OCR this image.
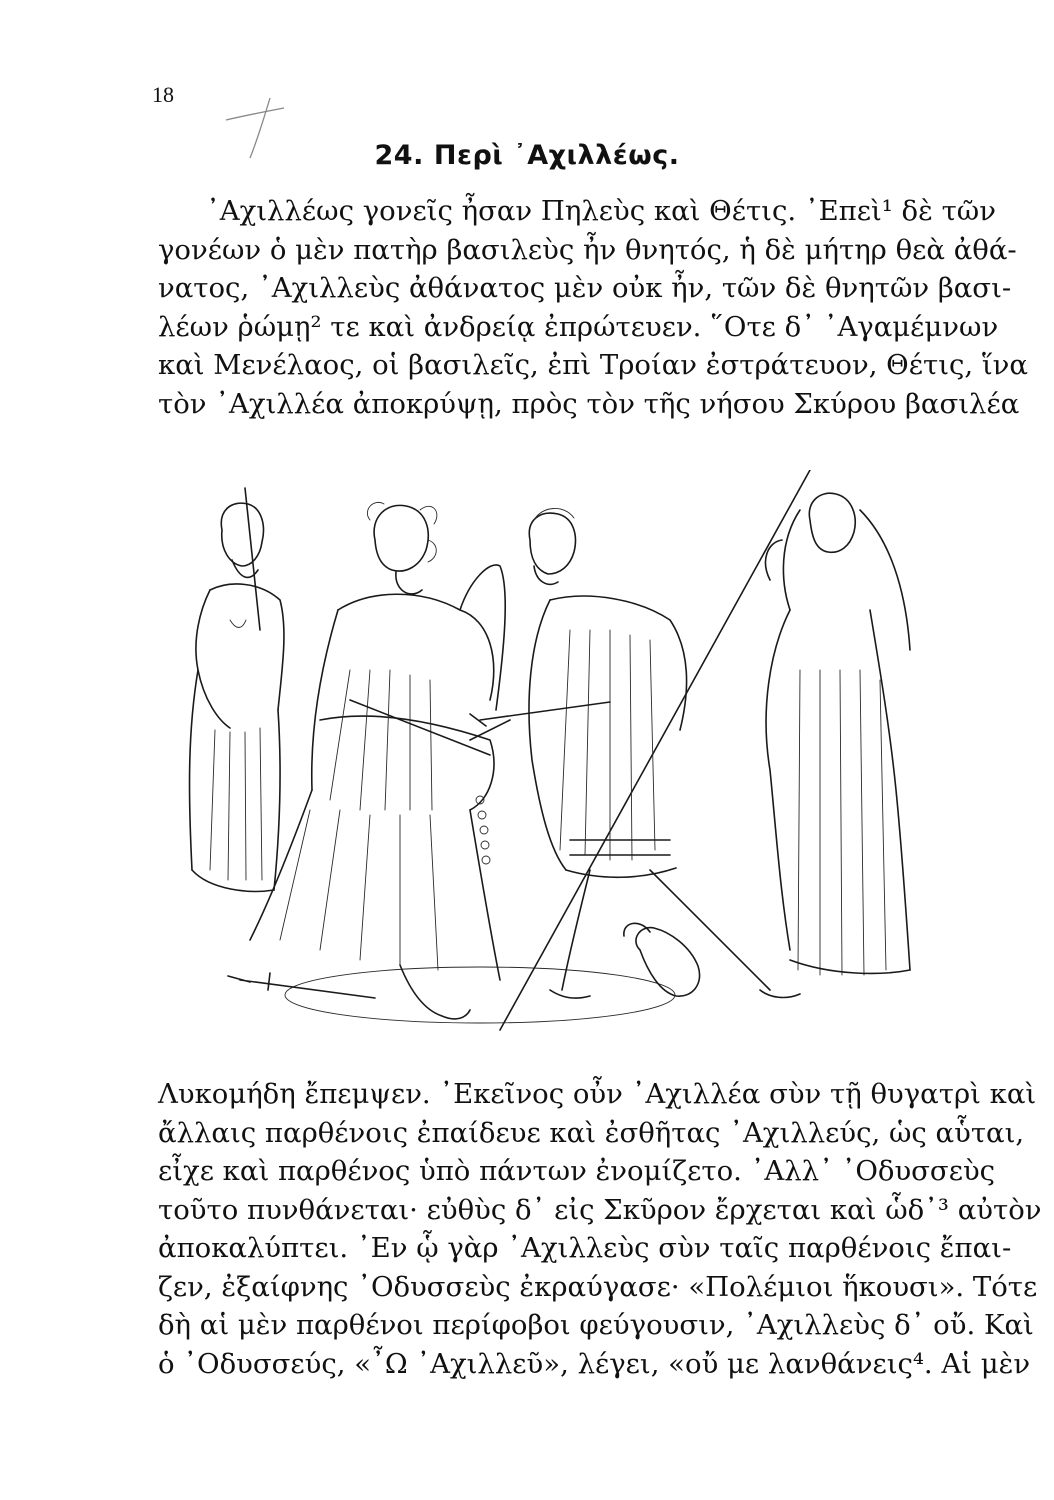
18
24. Περὶ ᾿Αχιλλέως.
᾿Αχιλλέως γονεῖς ἦσαν Πηλεὺς καὶ Θέτις. ᾿Επεὶ¹ δὲ τῶν
γονέων ὁ μὲν πατὴρ βασιλεὺς ἦν θνητός, ἡ δὲ μήτηρ θεὰ ἀθά-
νατος, ᾿Αχιλλεὺς ἀθάνατος μὲν οὐκ ἦν, τῶν δὲ θνητῶν βασι-
λέων ῥώμῃ² τε καὶ ἀνδρείᾳ ἐπρώτευεν. ῞Οτε δ᾿ ᾿Αγαμέμνων
καὶ Μενέλαος, οἱ βασιλεῖς, ἐπὶ Τροίαν ἐστράτευον, Θέτις, ἵνα
τὸν ᾿Αχιλλέα ἀποκρύψῃ, πρὸς τὸν τῆς νήσου Σκύρου βασιλέα
Λυκομήδη ἔπεμψεν. ᾿Εκεῖνος οὖν ᾿Αχιλλέα σὺν τῇ θυγατρὶ καὶ
ἄλλαις παρθένοις ἐπαίδευε καὶ ἐσθῆτας ᾿Αχιλλεύς, ὡς αὗται,
εἶχε καὶ παρθένος ὑπὸ πάντων ἐνομίζετο. ᾿Αλλ᾿ ᾿Οδυσσεὺς
τοῦτο πυνθάνεται· εὐθὺς δ᾿ εἰς Σκῦρον ἔρχεται καὶ ὧδ᾿³ αὐτὸν
ἀποκαλύπτει. ᾿Εν ᾧ γὰρ ᾿Αχιλλεὺς σὺν ταῖς παρθένοις ἔπαι-
ζεν, ἐξαίφνης ᾿Οδυσσεὺς ἐκραύγασε· «Πολέμιοι ἥκουσι». Τότε
δὴ αἱ μὲν παρθένοι περίφοβοι φεύγουσιν, ᾿Αχιλλεὺς δ᾿ οὔ. Καὶ
ὁ ᾿Οδυσσεύς, «῏Ω ᾿Αχιλλεῦ», λέγει, «οὔ με λανθάνεις⁴. Αἱ μὲν
